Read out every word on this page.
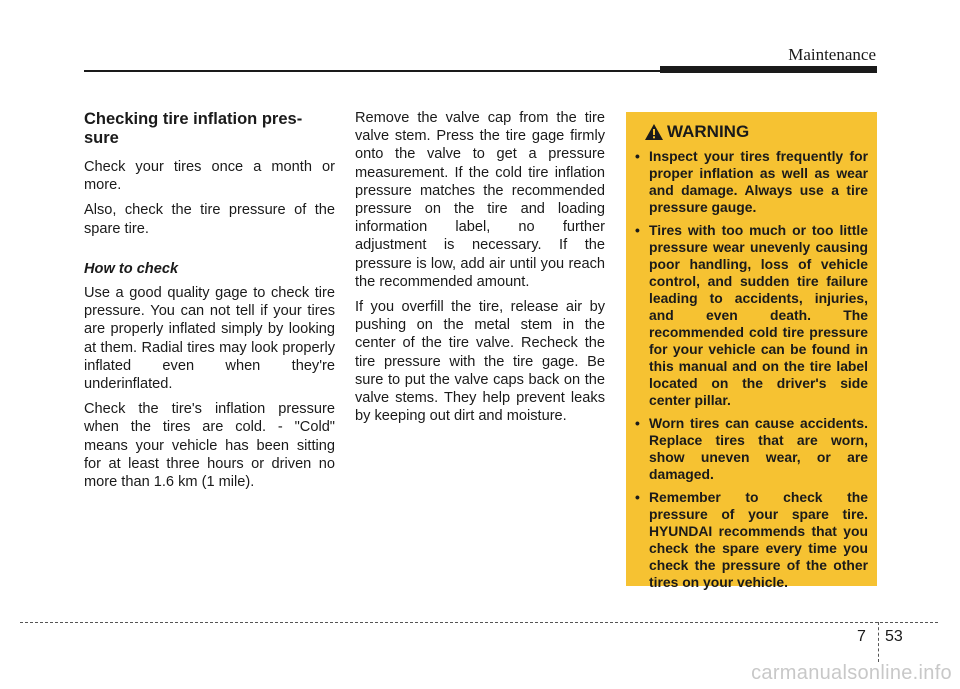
Maintenance
Checking tire inflation pres-
sure

Check your tires once a month or more.

Also, check the tire pressure of the spare tire.

How to check

Use a good quality gage to check tire pressure. You can not tell if your tires are properly inflated simply by looking at them. Radial tires may look properly inflated even when they're underinflated.

Check the tire's inflation pressure when the tires are cold. - "Cold" means your vehicle has been sitting for at least three hours or driven no more than 1.6 km (1 mile).

Remove the valve cap from the tire valve stem. Press the tire gage firmly onto the valve to get a pressure measurement. If the cold tire inflation pressure matches the recommended pressure on the tire and loading information label, no further adjustment is necessary. If the pressure is low, add air until you reach the recommended amount.

If you overfill the tire, release air by pushing on the metal stem in the center of the tire valve. Recheck the tire pressure with the tire gage. Be sure to put the valve caps back on the valve stems. They help prevent leaks by keeping out dirt and moisture.

WARNING
• Inspect your tires frequently for proper inflation as well as wear and damage. Always use a tire pressure gauge.
• Tires with too much or too little pressure wear unevenly causing poor handling, loss of vehicle control, and sudden tire failure leading to accidents, injuries, and even death. The recommended cold tire pressure for your vehicle can be found in this manual and on the tire label located on the driver's side center pillar.
• Worn tires can cause accidents. Replace tires that are worn, show uneven wear, or are damaged.
• Remember to check the pressure of your spare tire. HYUNDAI recommends that you check the spare every time you check the pressure of the other tires on your vehicle.
7 53
carmanualsonline.info
